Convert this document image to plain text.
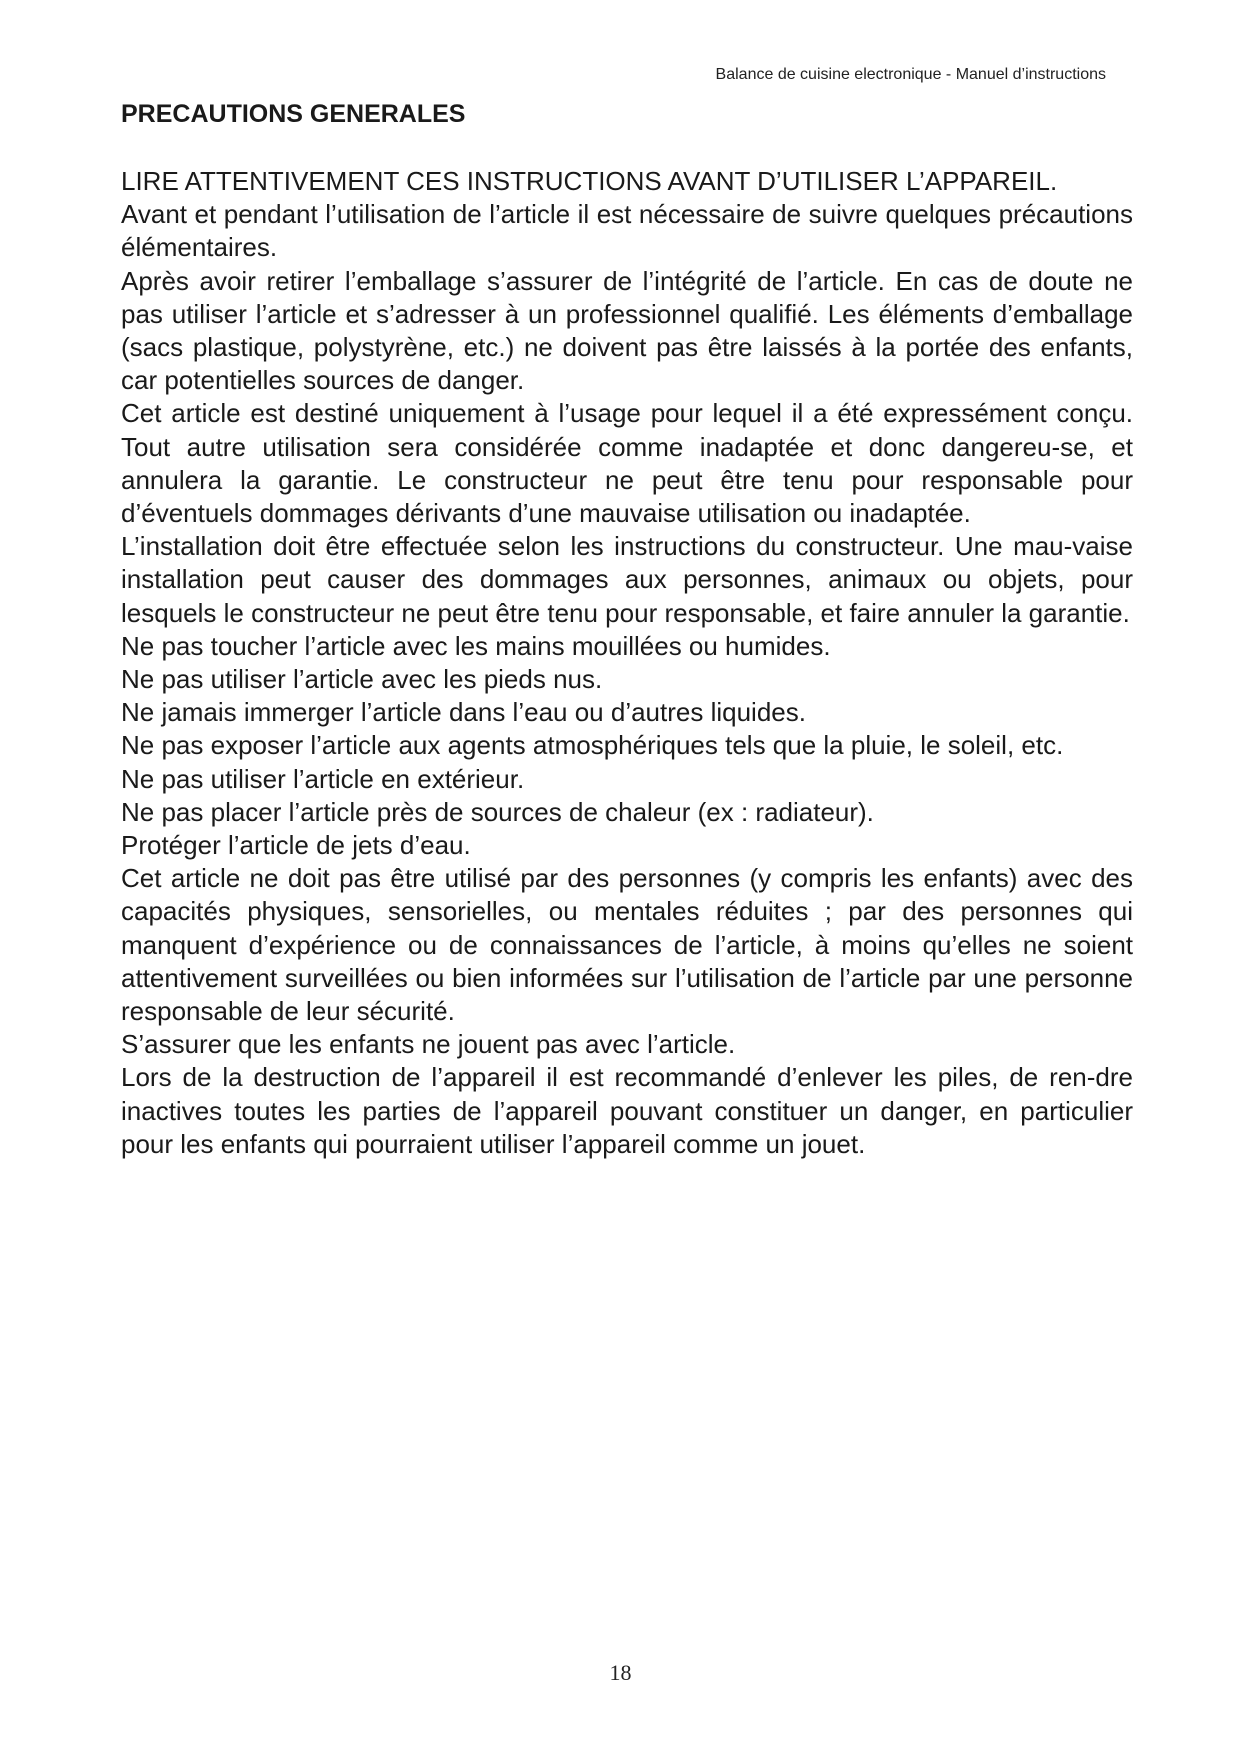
Balance de cuisine electronique - Manuel d’instructions
PRECAUTIONS GENERALES

LIRE ATTENTIVEMENT CES INSTRUCTIONS AVANT D’UTILISER L’APPAREIL.

Avant et pendant l’utilisation de l’article il est nécessaire de suivre quelques précautions élémentaires.

Après avoir retirer l’emballage s’assurer de l’intégrité de l’article. En cas de doute ne pas utiliser l’article et s’adresser à un professionnel qualifié. Les éléments d’emballage (sacs plastique, polystyrène, etc.) ne doivent pas être laissés à la portée des enfants, car potentielles sources de danger.

Cet article est destiné uniquement à l’usage pour lequel il a été expressément conçu. Tout autre utilisation sera considérée comme inadaptée et donc dangereu-se, et annulera la garantie. Le constructeur ne peut être tenu pour responsable pour d’éventuels dommages dérivants d’une mauvaise utilisation ou inadaptée.

L’installation doit être effectuée selon les instructions du constructeur. Une mau-vaise installation peut causer des dommages aux personnes, animaux ou objets, pour lesquels le constructeur ne peut être tenu pour responsable, et faire annuler la garantie.

Ne pas toucher l’article avec les mains mouillées ou humides.

Ne pas utiliser l’article avec les pieds nus.

Ne jamais immerger l’article dans l’eau ou d’autres liquides.

Ne pas exposer l’article aux agents atmosphériques tels que la pluie, le soleil, etc.

Ne pas utiliser l’article en extérieur.

Ne pas placer l’article près de sources de chaleur (ex : radiateur).

Protéger l’article de jets d’eau.

Cet article ne doit pas être utilisé par des personnes (y compris les enfants) avec des capacités physiques, sensorielles, ou mentales réduites ; par des personnes qui manquent d’expérience ou de connaissances de l’article, à moins qu’elles ne soient attentivement surveillées ou bien informées sur l’utilisation de l’article par une personne responsable de leur sécurité.

S’assurer que les enfants ne jouent pas avec l’article.

Lors de la destruction de l’appareil il est recommandé d’enlever les piles, de ren-dre inactives toutes les parties de l’appareil pouvant constituer un danger, en particulier pour les enfants qui pourraient utiliser l’appareil comme un jouet.

18
